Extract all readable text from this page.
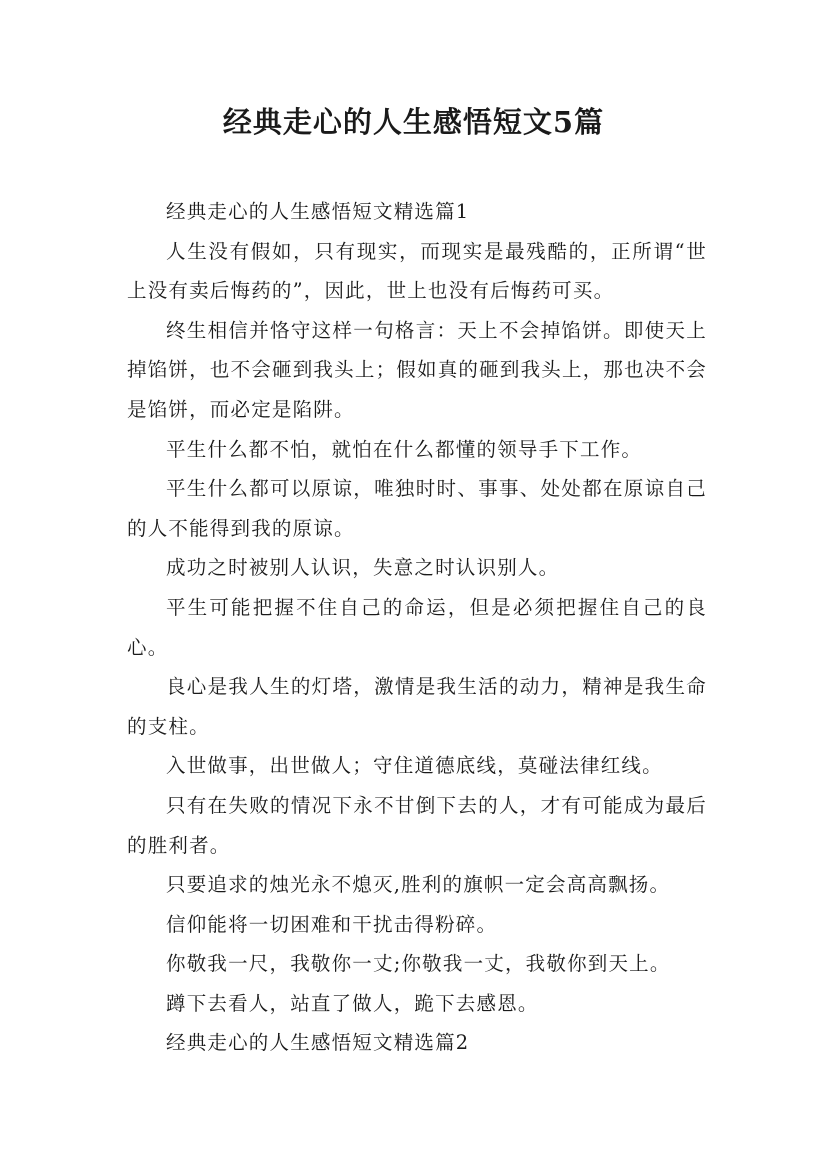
经典走心的人生感悟短文5篇

经典走心的人生感悟短文精选篇1

人生没有假如，只有现实，而现实是最残酷的，正所谓“世上没有卖后悔药的”，因此，世上也没有后悔药可买。

终生相信并恪守这样一句格言：天上不会掉馅饼。即使天上掉馅饼，也不会砸到我头上；假如真的砸到我头上，那也决不会是馅饼，而必定是陷阱。

平生什么都不怕，就怕在什么都懂的领导手下工作。

平生什么都可以原谅，唯独时时、事事、处处都在原谅自己的人不能得到我的原谅。

成功之时被别人认识，失意之时认识别人。

平生可能把握不住自己的命运，但是必须把握住自己的良心。

良心是我人生的灯塔，激情是我生活的动力，精神是我生命的支柱。

入世做事，出世做人；守住道德底线，莫碰法律红线。

只有在失败的情况下永不甘倒下去的人，才有可能成为最后的胜利者。

只要追求的烛光永不熄灭,胜利的旗帜一定会高高飘扬。

信仰能将一切困难和干扰击得粉碎。

你敬我一尺，我敬你一丈;你敬我一丈，我敬你到天上。

蹲下去看人，站直了做人，跪下去感恩。

经典走心的人生感悟短文精选篇2
